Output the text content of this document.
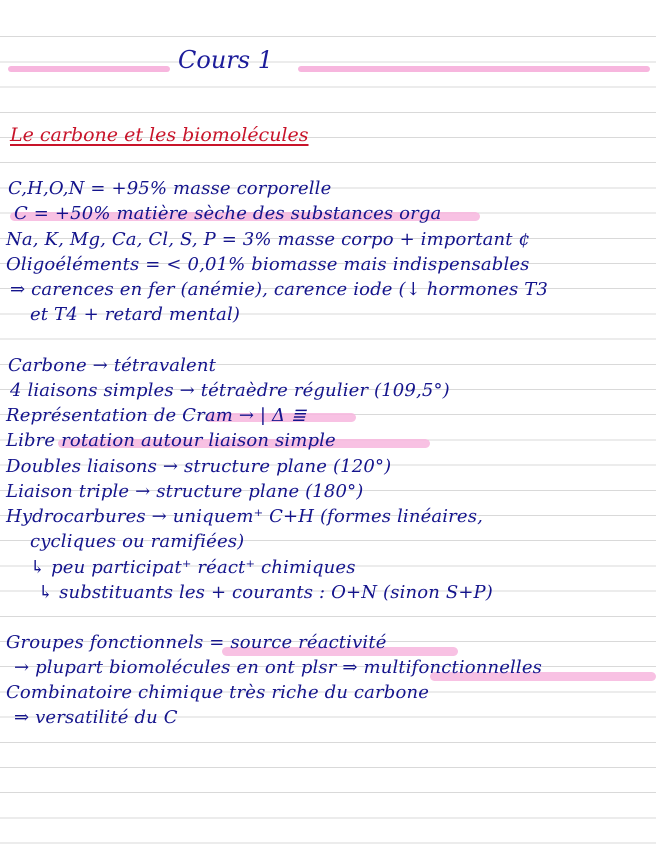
Cours 1
Le carbone et les biomolécules

C,H,O,N = +95% masse corporelle

C = +50% matière sèche des substances orga

Na, K, Mg, Ca, Cl, S, P = 3% masse corpo + important ¢

Oligoéléments = < 0,01% biomasse mais indispensables

⇒ carences en fer (anémie), carence iode (↓ hormones T3

et T4 + retard mental)

Carbone → tétravalent

4 liaisons simples → tétraèdre régulier (109,5°)

Représentation de Cram → | Δ ≣

Libre rotation autour liaison simple

Doubles liaisons → structure plane (120°)

Liaison triple → structure plane (180°)

Hydrocarbures → uniquem⁺ C+H (formes linéaires,

cycliques ou ramifiées)

↳ peu participat⁺ réact⁺ chimiques

↳ substituants les + courants : O+N (sinon S+P)

Groupes fonctionnels = source réactivité

→ plupart biomolécules en ont plsr ⇒ multifonctionnelles

Combinatoire chimique très riche du carbone

⇒ versatilité du C
